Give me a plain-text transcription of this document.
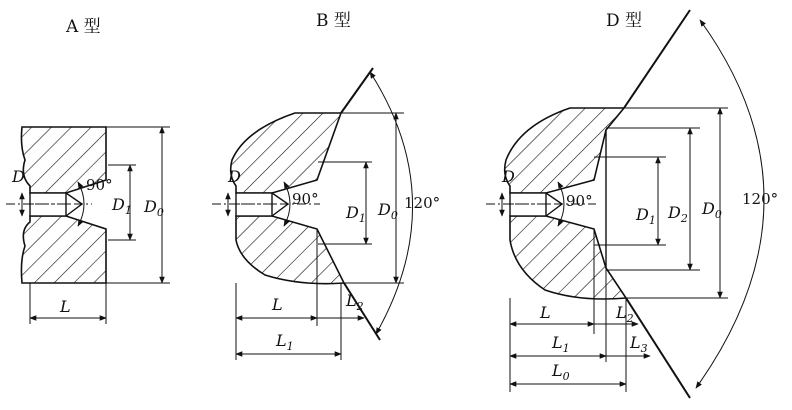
A 型
D	90°
$D_1$ $D_0$
L
B 型
D
90°
$D_1$ $D_0$
120°
L	$L_2$
$L_1$
D 型
D
90°
$D_1$ $D_2$
$D_0$
120°
L	$L_2$
$L_1$	$L_3$
$L_0$
